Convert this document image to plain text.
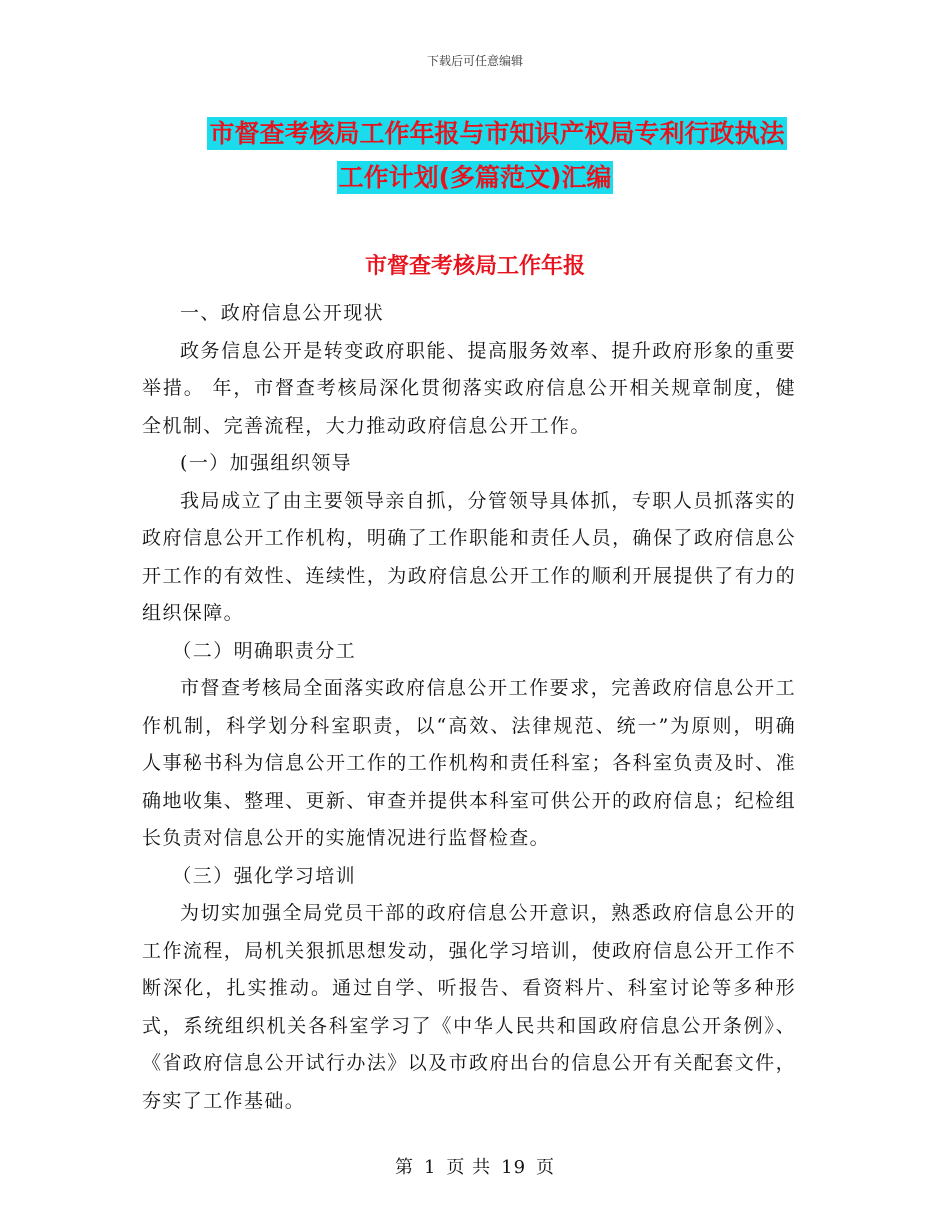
下载后可任意编辑
市督查考核局工作年报与市知识产权局专利行政执法
工作计划(多篇范文)汇编
市督查考核局工作年报

一、政府信息公开现状

政务信息公开是转变政府职能、提高服务效率、提升政府形象的重要举措。 年，市督查考核局深化贯彻落实政府信息公开相关规章制度，健全机制、完善流程，大力推动政府信息公开工作。

(一）加强组织领导

我局成立了由主要领导亲自抓，分管领导具体抓，专职人员抓落实的政府信息公开工作机构，明确了工作职能和责任人员，确保了政府信息公开工作的有效性、连续性，为政府信息公开工作的顺利开展提供了有力的组织保障。

（二）明确职责分工

市督查考核局全面落实政府信息公开工作要求，完善政府信息公开工作机制，科学划分科室职责，以“高效、法律规范、统一”为原则，明确人事秘书科为信息公开工作的工作机构和责任科室；各科室负责及时、准确地收集、整理、更新、审查并提供本科室可供公开的政府信息；纪检组长负责对信息公开的实施情况进行监督检查。

（三）强化学习培训

为切实加强全局党员干部的政府信息公开意识，熟悉政府信息公开的工作流程，局机关狠抓思想发动，强化学习培训，使政府信息公开工作不断深化，扎实推动。通过自学、听报告、看资料片、科室讨论等多种形式，系统组织机关各科室学习了《中华人民共和国政府信息公开条例》、《省政府信息公开试行办法》以及市政府出台的信息公开有关配套文件，夯实了工作基础。

第 1 页 共 19 页
